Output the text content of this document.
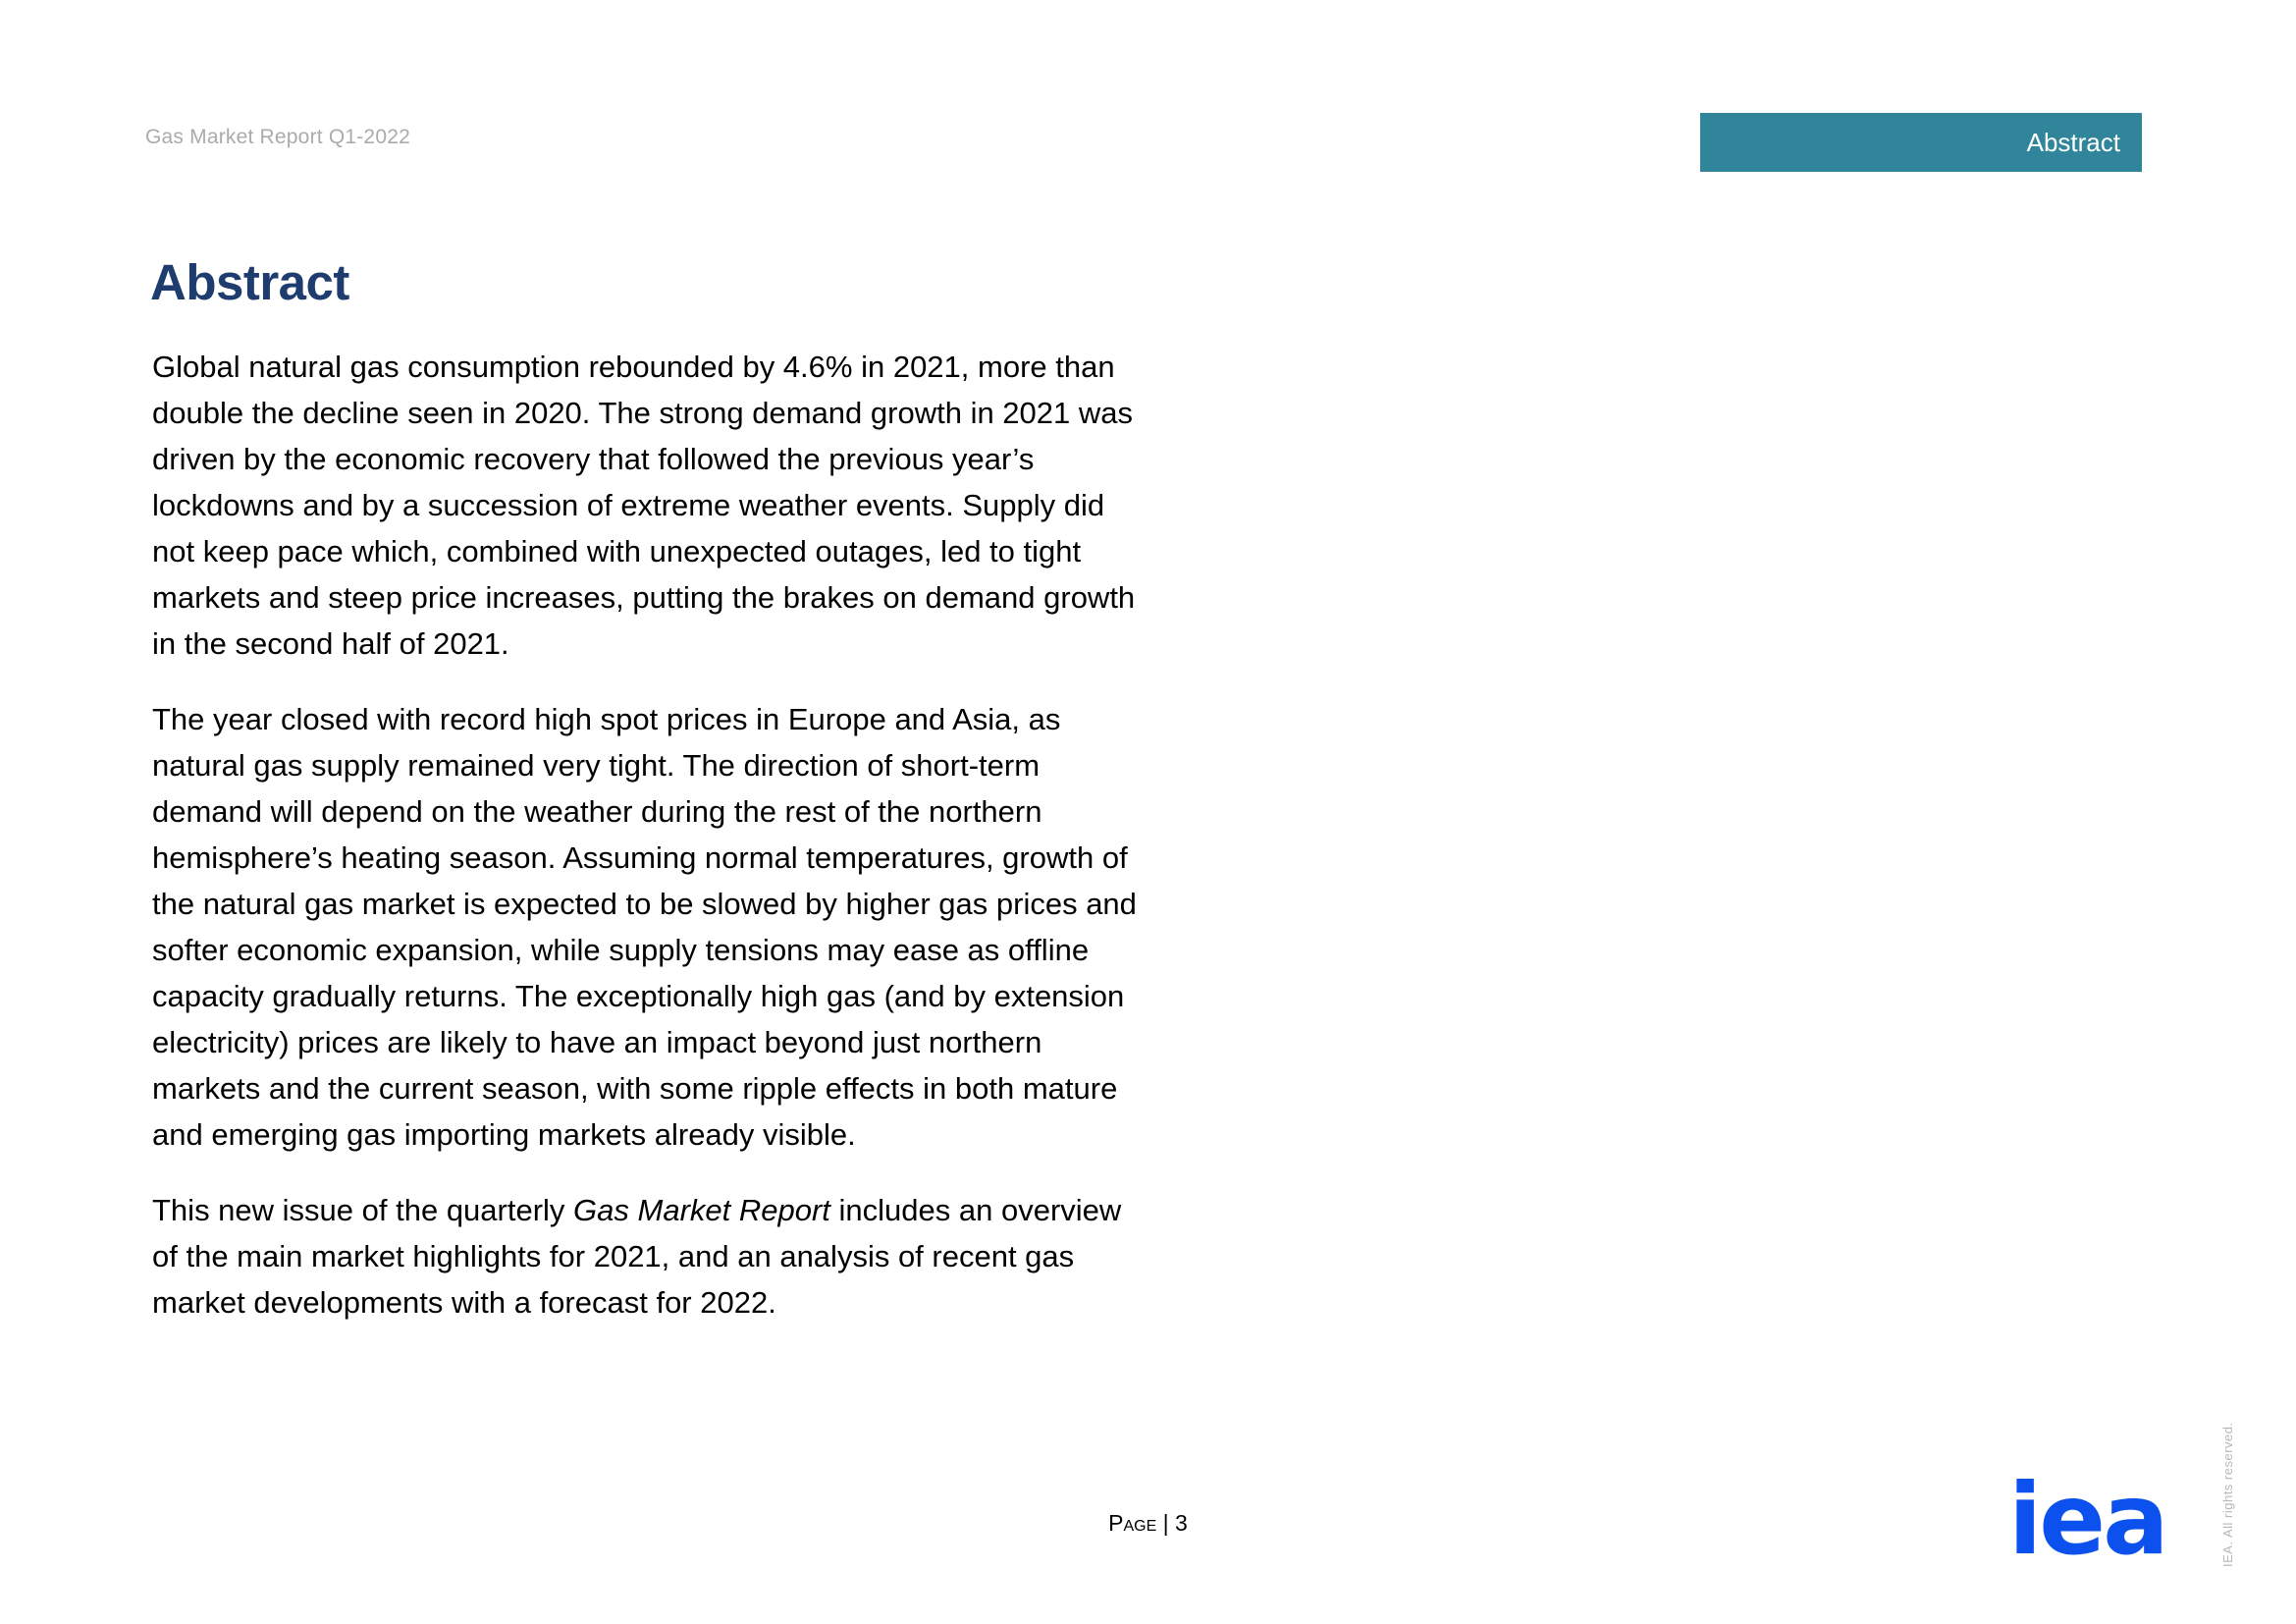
Gas Market Report Q1-2022	Abstract
Abstract

Global natural gas consumption rebounded by 4.6% in 2021, more than double the decline seen in 2020. The strong demand growth in 2021 was driven by the economic recovery that followed the previous year’s lockdowns and by a succession of extreme weather events. Supply did not keep pace which, combined with unexpected outages, led to tight markets and steep price increases, putting the brakes on demand growth in the second half of 2021.

The year closed with record high spot prices in Europe and Asia, as natural gas supply remained very tight. The direction of short-term demand will depend on the weather during the rest of the northern hemisphere’s heating season. Assuming normal temperatures, growth of the natural gas market is expected to be slowed by higher gas prices and softer economic expansion, while supply tensions may ease as offline capacity gradually returns. The exceptionally high gas (and by extension electricity) prices are likely to have an impact beyond just northern markets and the current season, with some ripple effects in both mature and emerging gas importing markets already visible.

This new issue of the quarterly Gas Market Report includes an overview of the main market highlights for 2021, and an analysis of recent gas market developments with a forecast for 2022.

Page | 3	iea	IEA. All rights reserved.
